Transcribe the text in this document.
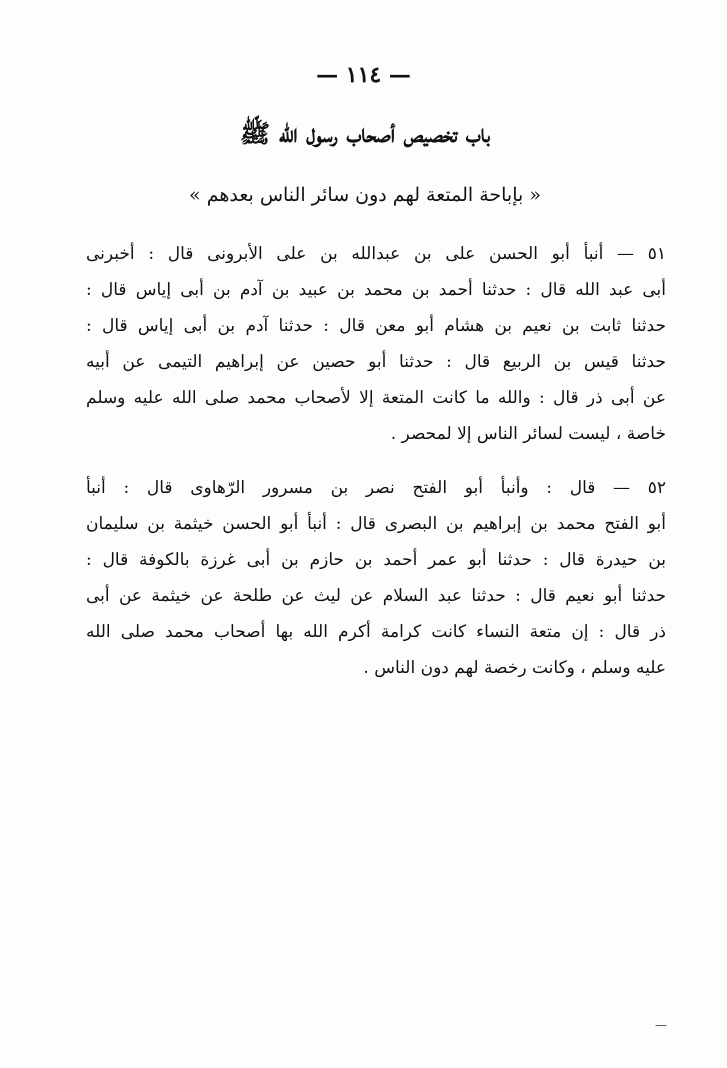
— ١١٤ —
باب تخصيص أصحاب رسول الله ﷺ
« بإباحة المتعة لهم دون سائر الناس بعدهم »
٥١ — أنبأ أبو الحسن على بن عبدالله بن على الأبرونى قال : أخبرنى
أبى عبد الله قال : حدثنا أحمد بن محمد بن عبيد بن آدم بن أبى إياس قال :
حدثنا ثابت بن نعيم بن هشام أبو معن قال : حدثنا آدم بن أبى إياس قال :
حدثنا قيس بن الربيع قال : حدثنا أبو حصين عن إبراهيم التيمى عن أبيه
عن أبى ذر قال : والله ما كانت المتعة إلا لأصحاب محمد صلى الله عليه وسلم
خاصة ، ليست لسائر الناس إلا لمحصر .
٥٢ — قال : وأنبأ أبو الفتح نصر بن مسرور الرّهاوى قال : أنبأ
أبو الفتح محمد بن إبراهيم بن البصرى قال : أنبأ أبو الحسن خيثمة بن سليمان
بن حيدرة قال : حدثنا أبو عمر أحمد بن حازم بن أبى غرزة بالكوفة قال :
حدثنا أبو نعيم قال : حدثنا عبد السلام عن ليث عن طلحة عن خيثمة عن أبى
ذر قال : إن متعة النساء كانت كرامة أكرم الله بها أصحاب محمد صلى الله
عليه وسلم ، وكانت رخصة لهم دون الناس .
—
